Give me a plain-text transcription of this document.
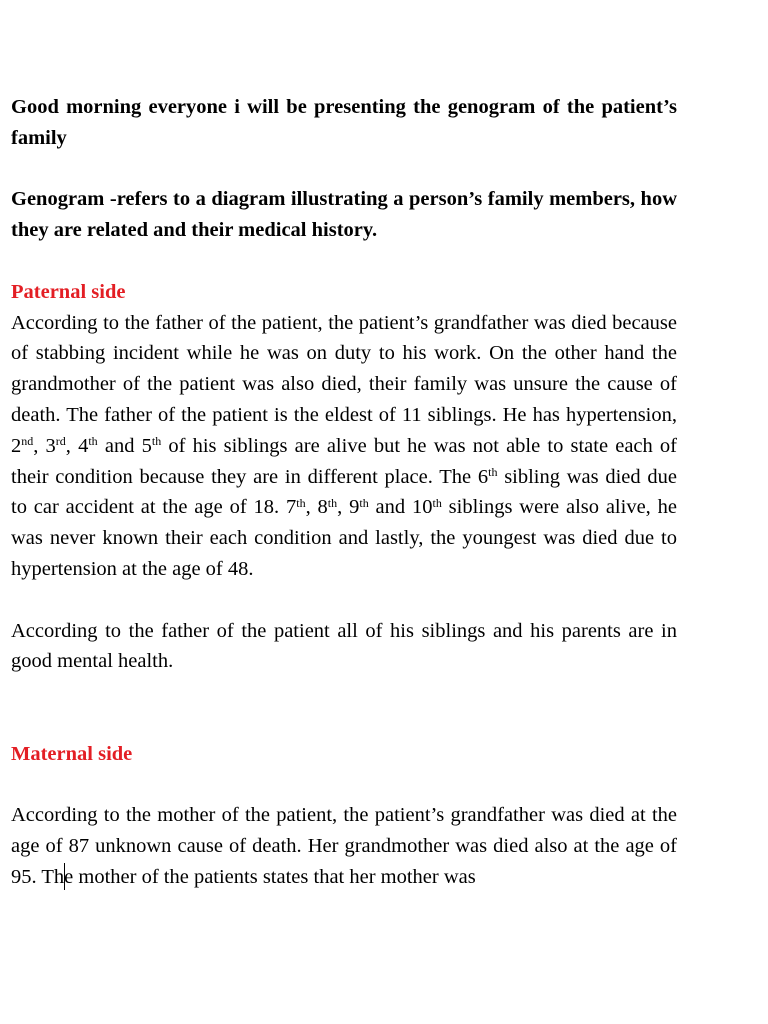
Good morning everyone i will be presenting the genogram of the patient’s family

Genogram -refers to a diagram illustrating a person’s family members, how they are related and their medical history.

Paternal side

According to the father of the patient, the patient’s grandfather was died because of stabbing incident while he was on duty to his work. On the other hand the grandmother of the patient was also died, their family was unsure the cause of death. The father of the patient is the eldest of 11 siblings. He has hypertension, 2nd, 3rd, 4th and 5th of his siblings are alive but he was not able to state each of their condition because they are in different place. The 6th sibling was died due to car accident at the age of 18. 7th, 8th, 9th and 10th siblings were also alive, he was never known their each condition and lastly, the youngest was died due to hypertension at the age of 48.

According to the father of the patient all of his siblings and his parents are in good mental health.

Maternal side

According to the mother of the patient, the patient’s grandfather was died at the age of 87 unknown cause of death. Her grandmother was died also at the age of 95. The mother of the patients states that her mother was
